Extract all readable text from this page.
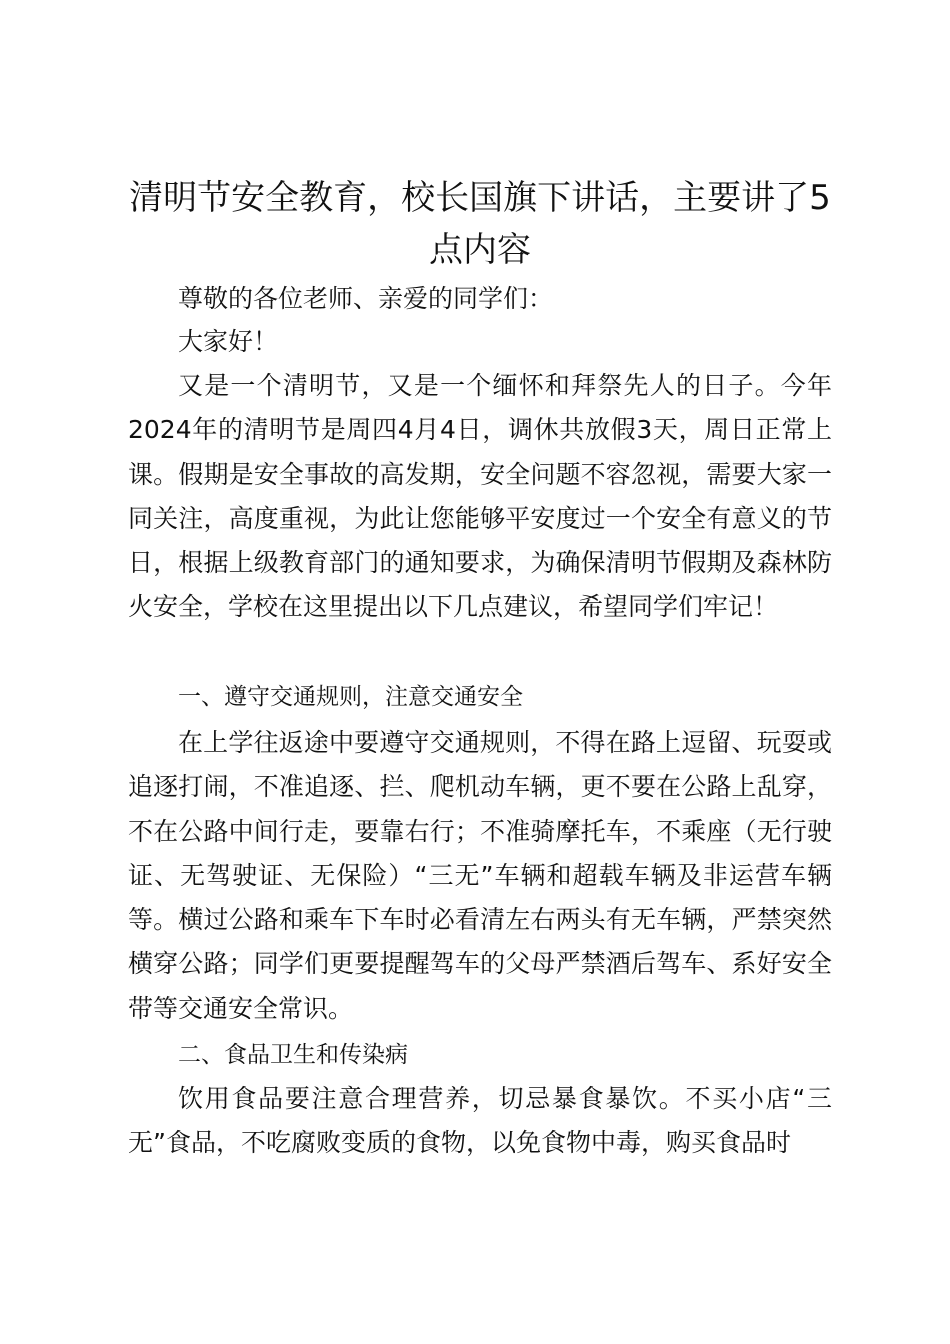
清明节安全教育，校长国旗下讲话，主要讲了5点内容

尊敬的各位老师、亲爱的同学们：

大家好！

又是一个清明节，又是一个缅怀和拜祭先人的日子。今年2024年的清明节是周四4月4日，调休共放假3天，周日正常上课。假期是安全事故的高发期，安全问题不容忽视，需要大家一同关注，高度重视，为此让您能够平安度过一个安全有意义的节日，根据上级教育部门的通知要求，为确保清明节假期及森林防火安全，学校在这里提出以下几点建议，希望同学们牢记！

一、遵守交通规则，注意交通安全

在上学往返途中要遵守交通规则，不得在路上逗留、玩耍或追逐打闹，不准追逐、拦、爬机动车辆，更不要在公路上乱穿，不在公路中间行走，要靠右行；不准骑摩托车，不乘座（无行驶证、无驾驶证、无保险）“三无”车辆和超载车辆及非运营车辆等。横过公路和乘车下车时必看清左右两头有无车辆，严禁突然横穿公路；同学们更要提醒驾车的父母严禁酒后驾车、系好安全带等交通安全常识。

二、食品卫生和传染病

饮用食品要注意合理营养，切忌暴食暴饮。不买小店“三无”食品，不吃腐败变质的食物，以免食物中毒，购买食品时
